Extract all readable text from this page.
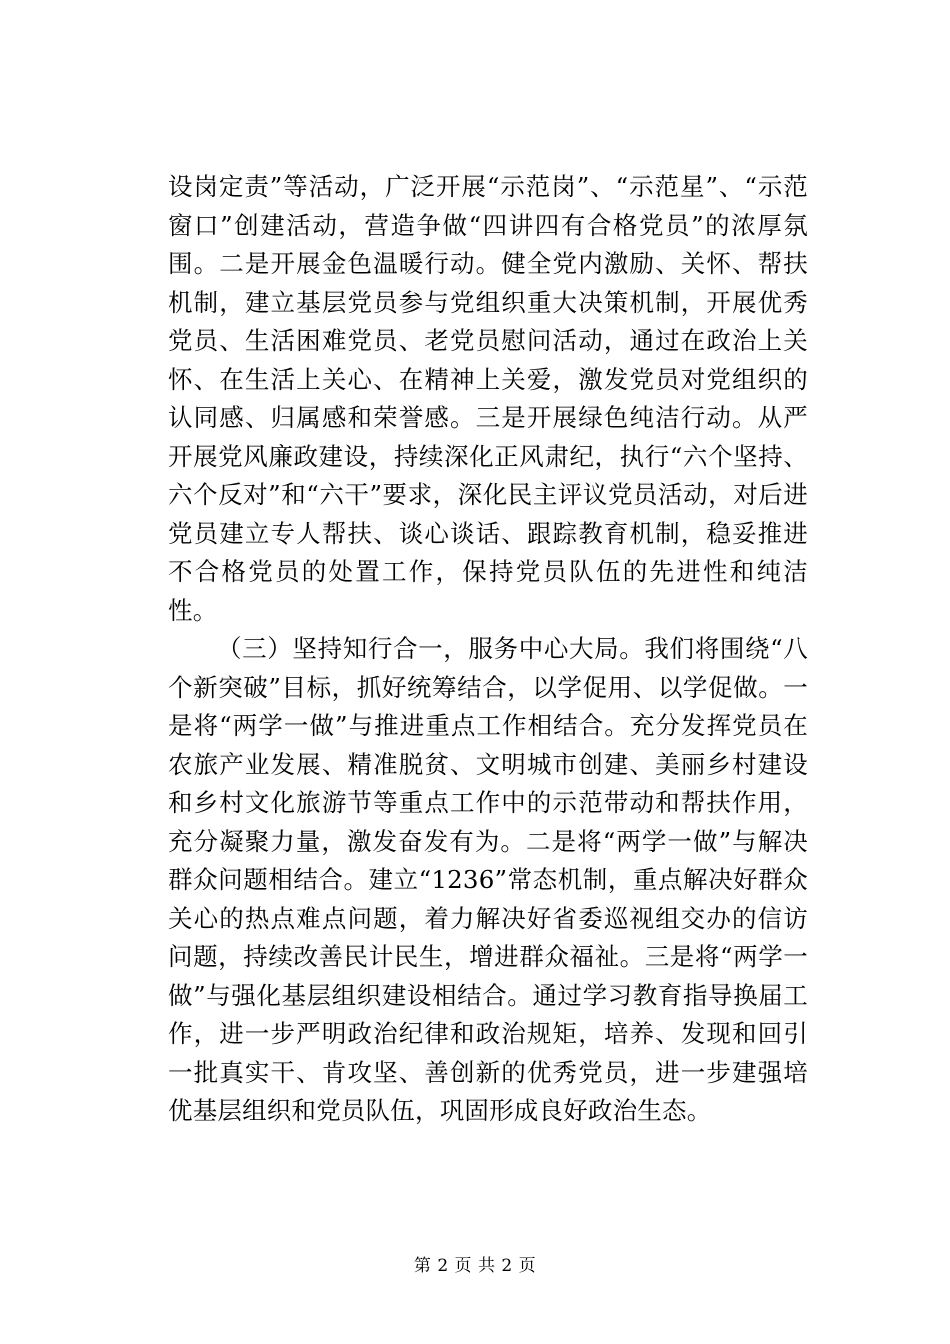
设岗定责”等活动，广泛开展“示范岗”、“示范星”、“示范窗口”创建活动，营造争做“四讲四有合格党员”的浓厚氛围。二是开展金色温暖行动。健全党内激励、关怀、帮扶机制，建立基层党员参与党组织重大决策机制，开展优秀党员、生活困难党员、老党员慰问活动，通过在政治上关怀、在生活上关心、在精神上关爱，激发党员对党组织的认同感、归属感和荣誉感。三是开展绿色纯洁行动。从严开展党风廉政建设，持续深化正风肃纪，执行“六个坚持、六个反对”和“六干”要求，深化民主评议党员活动，对后进党员建立专人帮扶、谈心谈话、跟踪教育机制，稳妥推进不合格党员的处置工作，保持党员队伍的先进性和纯洁性。

（三）坚持知行合一，服务中心大局。我们将围绕“八个新突破”目标，抓好统筹结合，以学促用、以学促做。一是将“两学一做”与推进重点工作相结合。充分发挥党员在农旅产业发展、精准脱贫、文明城市创建、美丽乡村建设和乡村文化旅游节等重点工作中的示范带动和帮扶作用，充分凝聚力量，激发奋发有为。二是将“两学一做”与解决群众问题相结合。建立“1236”常态机制，重点解决好群众关心的热点难点问题，着力解决好省委巡视组交办的信访问题，持续改善民计民生，增进群众福祉。三是将“两学一做”与强化基层组织建设相结合。通过学习教育指导换届工作，进一步严明政治纪律和政治规矩，培养、发现和回引一批真实干、肯攻坚、善创新的优秀党员，进一步建强培优基层组织和党员队伍，巩固形成良好政治生态。

第 2 页 共 2 页
